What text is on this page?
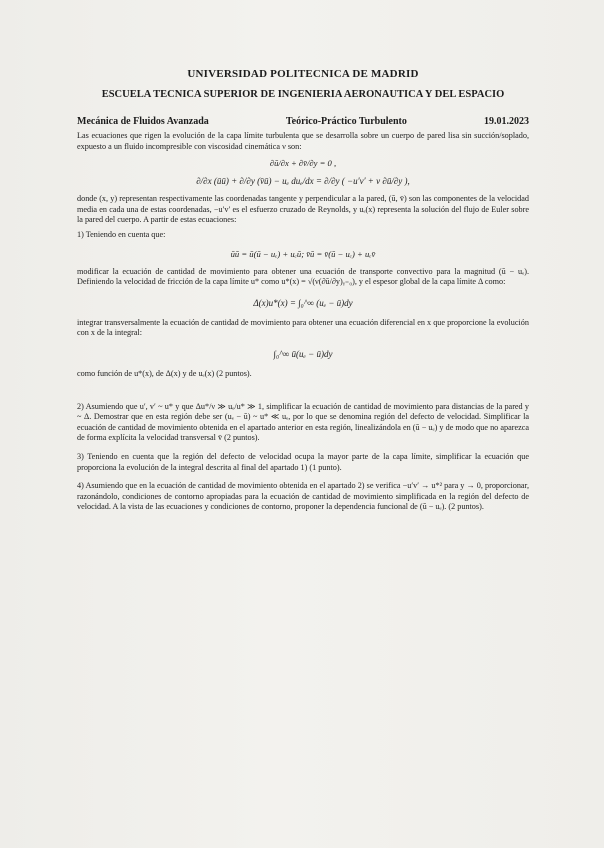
UNIVERSIDAD POLITECNICA DE MADRID
ESCUELA TECNICA SUPERIOR DE INGENIERIA AERONAUTICA Y DEL ESPACIO
Mecánica de Fluidos Avanzada	Teórico-Práctico Turbulento	19.01.2023

Las ecuaciones que rigen la evolución de la capa límite turbulenta que se desarrolla sobre un cuerpo de pared lisa sin succión/soplado, expuesto a un fluido incompresible con viscosidad cinemática ν son:

∂ū/∂x + ∂v̄/∂y = 0 ,
∂/∂x (ūū) + ∂/∂y (v̄ū) − uₑ duₑ/dx = ∂/∂y ( −u′v′ + ν ∂ū/∂y ),

donde (x, y) representan respectivamente las coordenadas tangente y perpendicular a la pared, (ū, v̄) son las componentes de la velocidad media en cada una de estas coordenadas, −u′v′ es el esfuerzo cruzado de Reynolds, y uₑ(x) representa la solución del flujo de Euler sobre la pared del cuerpo. A partir de estas ecuaciones:

1) Teniendo en cuenta que:

ūū = ū(ū − uₑ) + uₑū; v̄ū = v̄(ū − uₑ) + uₑv̄

modificar la ecuación de cantidad de movimiento para obtener una ecuación de transporte convectivo para la magnitud (ū − uₑ). Definiendo la velocidad de fricción de la capa límite u* como u*(x) = √(ν(∂ū/∂y)ᵧ₌₀), y el espesor global de la capa límite Δ como:

Δ(x)u*(x) = ∫₀^∞ (uₑ − ū)dy

integrar transversalmente la ecuación de cantidad de movimiento para obtener una ecuación diferencial en x que proporcione la evolución con x de la integral:

∫₀^∞ ū(uₑ − ū)dy

como función de u*(x), de Δ(x) y de uₑ(x) (2 puntos).

2) Asumiendo que u′, v′ ~ u* y que Δu*/ν ≫ uₑ/u* ≫ 1, simplificar la ecuación de cantidad de movimiento para distancias de la pared y ~ Δ. Demostrar que en esta región debe ser (uₑ − ū) ~ u* ≪ uₑ, por lo que se denomina región del defecto de velocidad. Simplificar la ecuación de cantidad de movimiento obtenida en el apartado anterior en esta región, linealizándola en (ū − uₑ) y de modo que no aparezca de forma explícita la velocidad transversal v̄ (2 puntos).

3) Teniendo en cuenta que la región del defecto de velocidad ocupa la mayor parte de la capa límite, simplificar la ecuación que proporciona la evolución de la integral descrita al final del apartado 1) (1 punto).

4) Asumiendo que en la ecuación de cantidad de movimiento obtenida en el apartado 2) se verifica −u′v′ → u*² para y → 0, proporcionar, razonándolo, condiciones de contorno apropiadas para la ecuación de cantidad de movimiento simplificada en la región del defecto de velocidad. A la vista de las ecuaciones y condiciones de contorno, proponer la dependencia funcional de (ū − uₑ). (2 puntos).
